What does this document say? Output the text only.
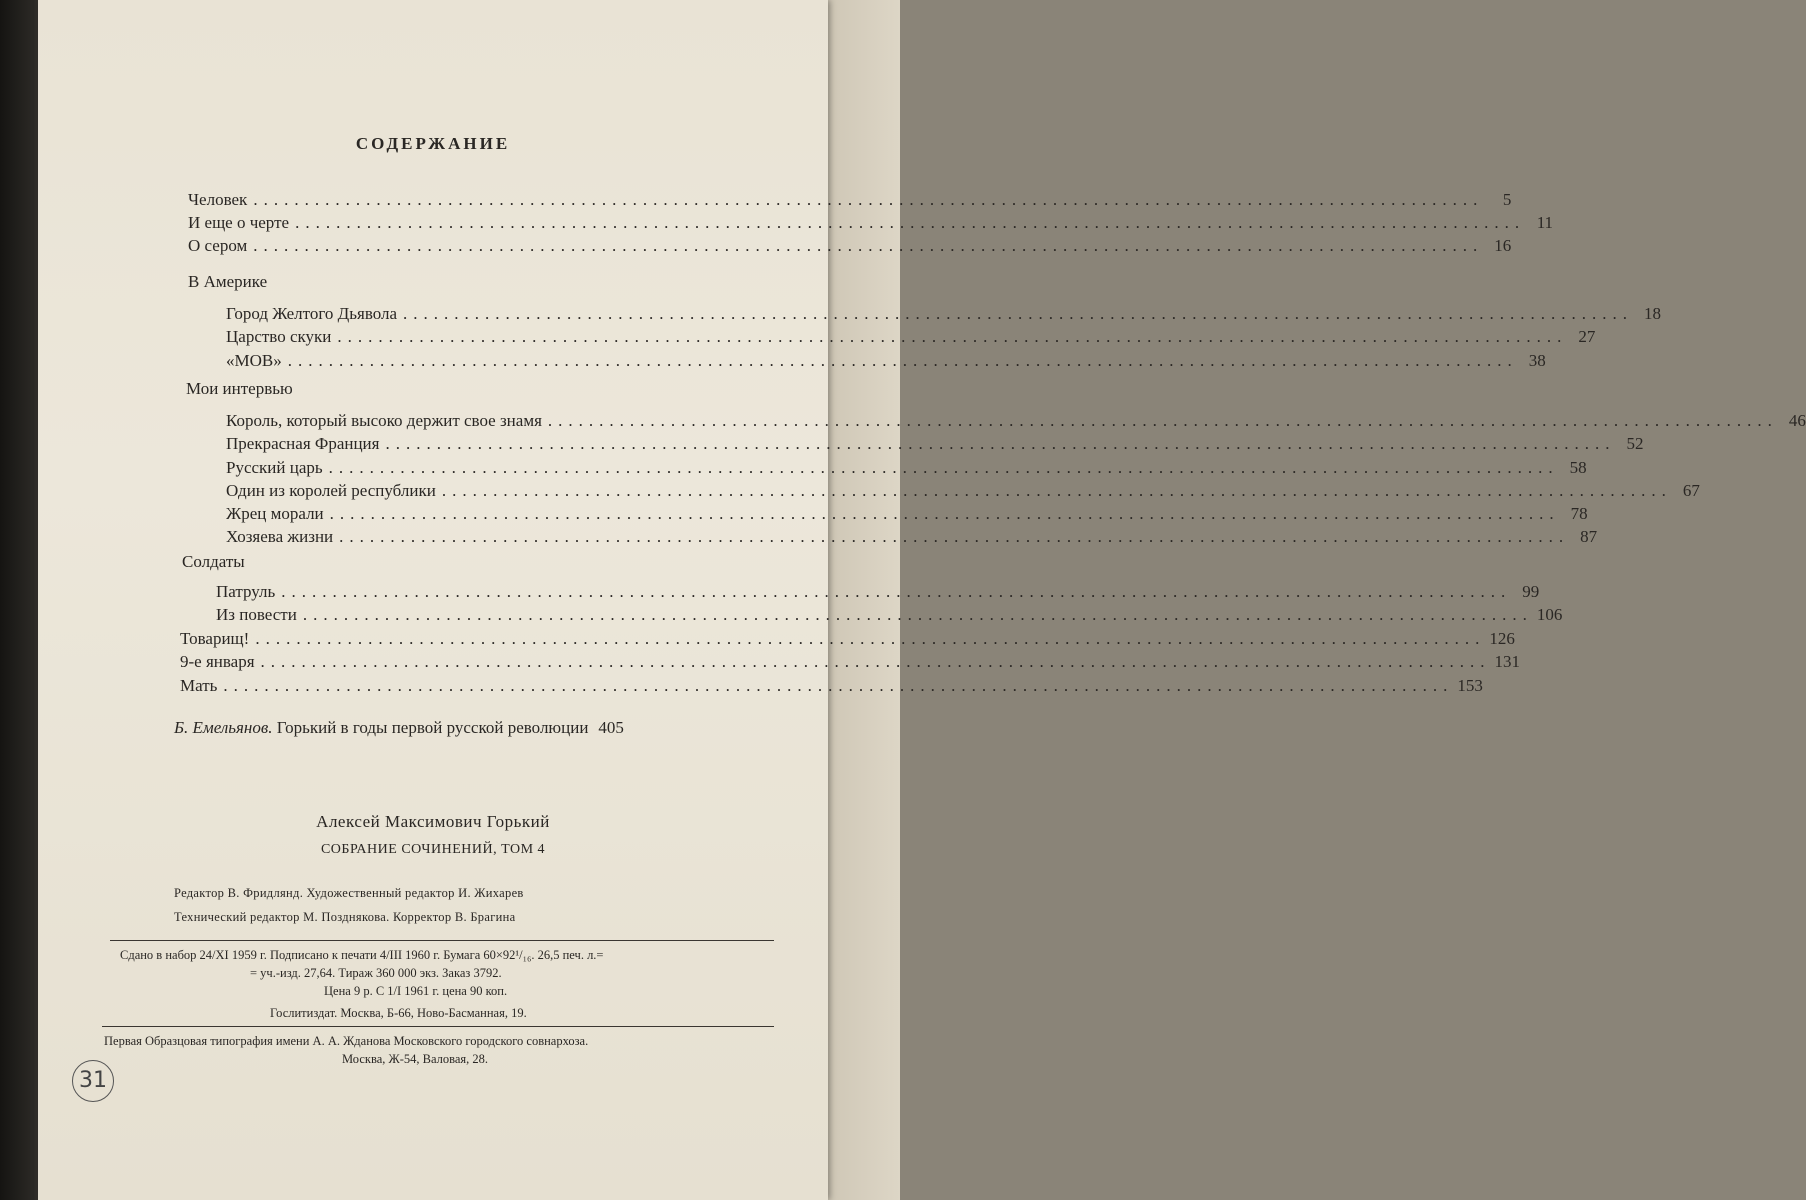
СОДЕРЖАНИЕ
Человек ........................................................................................................................	5
И еще о черте ........................................................................................................................ 11
О сером ........................................................................................................................ 16
В Америке
Город Желтого Дьявола ........................................................................................................................ 18
Царство скуки ........................................................................................................................ 27
«МОВ» ........................................................................................................................ 38
Мои интервью
Король, который высоко держит свое знамя ........................................................................................................................ 46
Прекрасная Франция ........................................................................................................................ 52
Русский царь ........................................................................................................................ 58
Один из королей республики ........................................................................................................................ 67
Жрец морали ........................................................................................................................ 78
Хозяева жизни ........................................................................................................................ 87
Солдаты
Патруль ........................................................................................................................ 99
Из повести ........................................................................................................................ 106
Товарищ! ........................................................................................................................ 126
9-е января ........................................................................................................................ 131
Мать ........................................................................................................................ 153
Б. Емельянов. Горький в годы первой русской революции 405
Алексей Максимович Горький
СОБРАНИЕ СОЧИНЕНИЙ, ТОМ 4
Редактор В. Фридлянд. Художественный редактор И. Жихарев
Технический редактор М. Позднякова. Корректор В. Брагина
Сдано в набор 24/XI 1959 г. Подписано к печати 4/III 1960 г. Бумага 60×92¹/₁₆. 26,5 печ. л.=
= уч.-изд. 27,64. Тираж 360 000 экз. Заказ 3792.
Цена 9 р. С 1/I 1961 г. цена 90 коп.
Гослитиздат. Москва, Б-66, Ново-Басманная, 19.
Первая Образцовая типография имени А. А. Жданова Московского городского совнархоза.
Москва, Ж-54, Валовая, 28.
31
